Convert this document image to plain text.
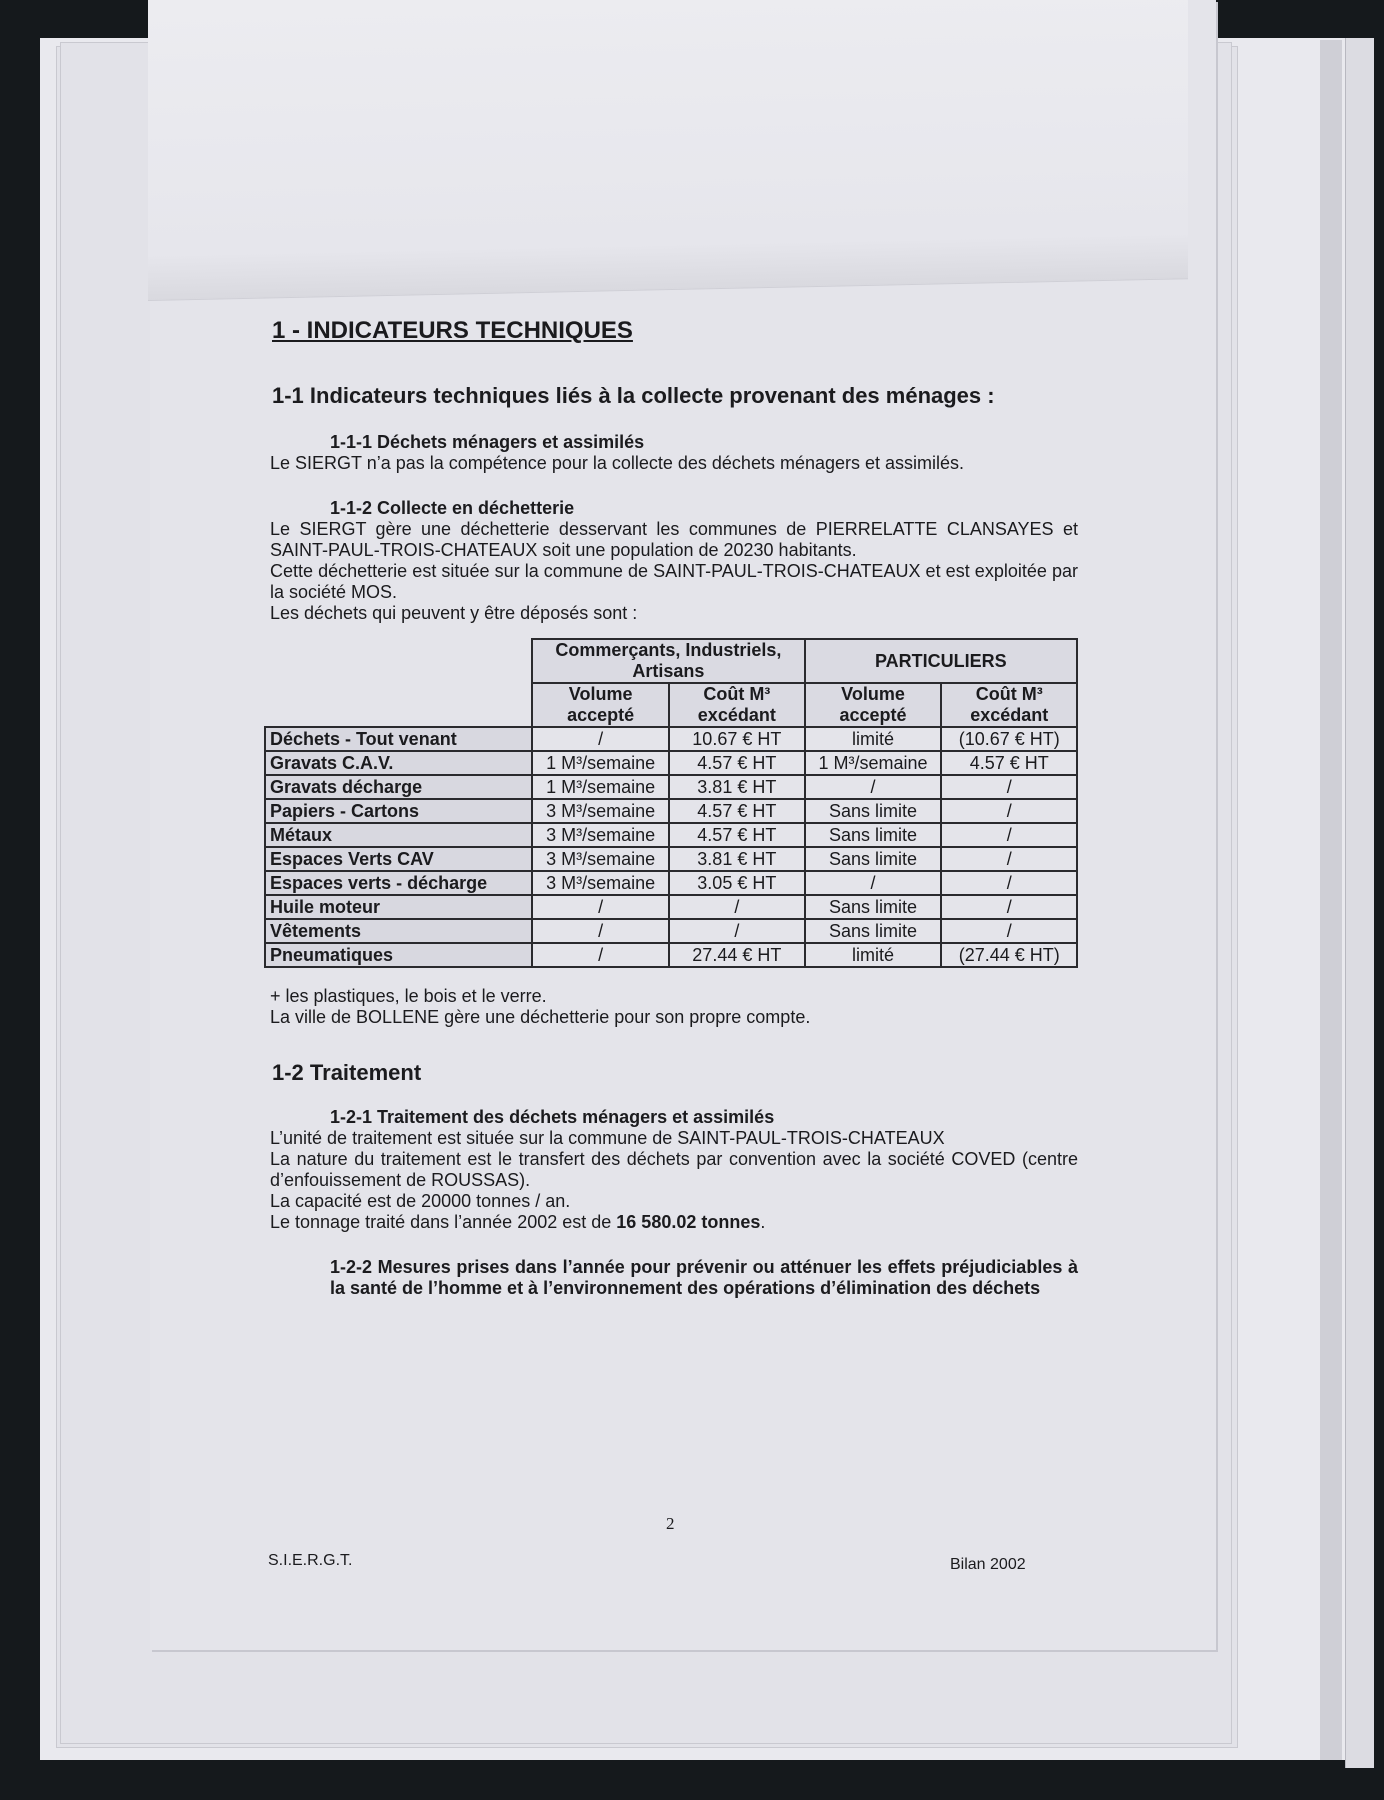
1 - INDICATEURS TECHNIQUES
1-1 Indicateurs techniques liés à la collecte provenant des ménages :
1-1-1 Déchets ménagers et assimilés

Le SIERGT n’a pas la compétence pour la collecte des déchets ménagers et assimilés.

1-1-2 Collecte en déchetterie

Le SIERGT gère une déchetterie desservant les communes de PIERRELATTE CLANSAYES et SAINT-PAUL-TROIS-CHATEAUX soit une population de 20230 habitants.

Cette déchetterie est située sur la commune de SAINT-PAUL-TROIS-CHATEAUX et est exploitée par la société MOS.

Les déchets qui peuvent y être déposés sont :

	Commerçants, Industriels, Artisans		PARTICULIERS	
	Volume accepté	Coût M³ excédant	Volume accepté	Coût M³ excédant
Déchets - Tout venant	/	10.67 € HT	limité	(10.67 € HT)
Gravats C.A.V.	1 M³/semaine	4.57 € HT	1 M³/semaine	4.57 € HT
Gravats décharge	1 M³/semaine	3.81 € HT	/	/
Papiers - Cartons	3 M³/semaine	4.57 € HT	Sans limite	/
Métaux	3 M³/semaine	4.57 € HT	Sans limite	/
Espaces Verts CAV	3 M³/semaine	3.81 € HT	Sans limite	/
Espaces verts - décharge	3 M³/semaine	3.05 € HT	/	/
Huile moteur	/	/	Sans limite	/
Vêtements	/	/	Sans limite	/
Pneumatiques	/	27.44 € HT	limité	(27.44 € HT)

+ les plastiques, le bois et le verre.

La ville de BOLLENE gère une déchetterie pour son propre compte.

1-2 Traitement
1-2-1 Traitement des déchets ménagers et assimilés

L’unité de traitement est située sur la commune de SAINT-PAUL-TROIS-CHATEAUX

La nature du traitement est le transfert des déchets par convention avec la société COVED (centre d’enfouissement de ROUSSAS).

La capacité est de 20000 tonnes / an.

Le tonnage traité dans l’année 2002 est de 16 580.02 tonnes.

1-2-2 Mesures prises dans l’année pour prévenir ou atténuer les effets préjudiciables à la santé de l’homme et à l’environnement des opérations d’élimination des déchets

2
S.I.E.R.G.T.	Bilan 2002
